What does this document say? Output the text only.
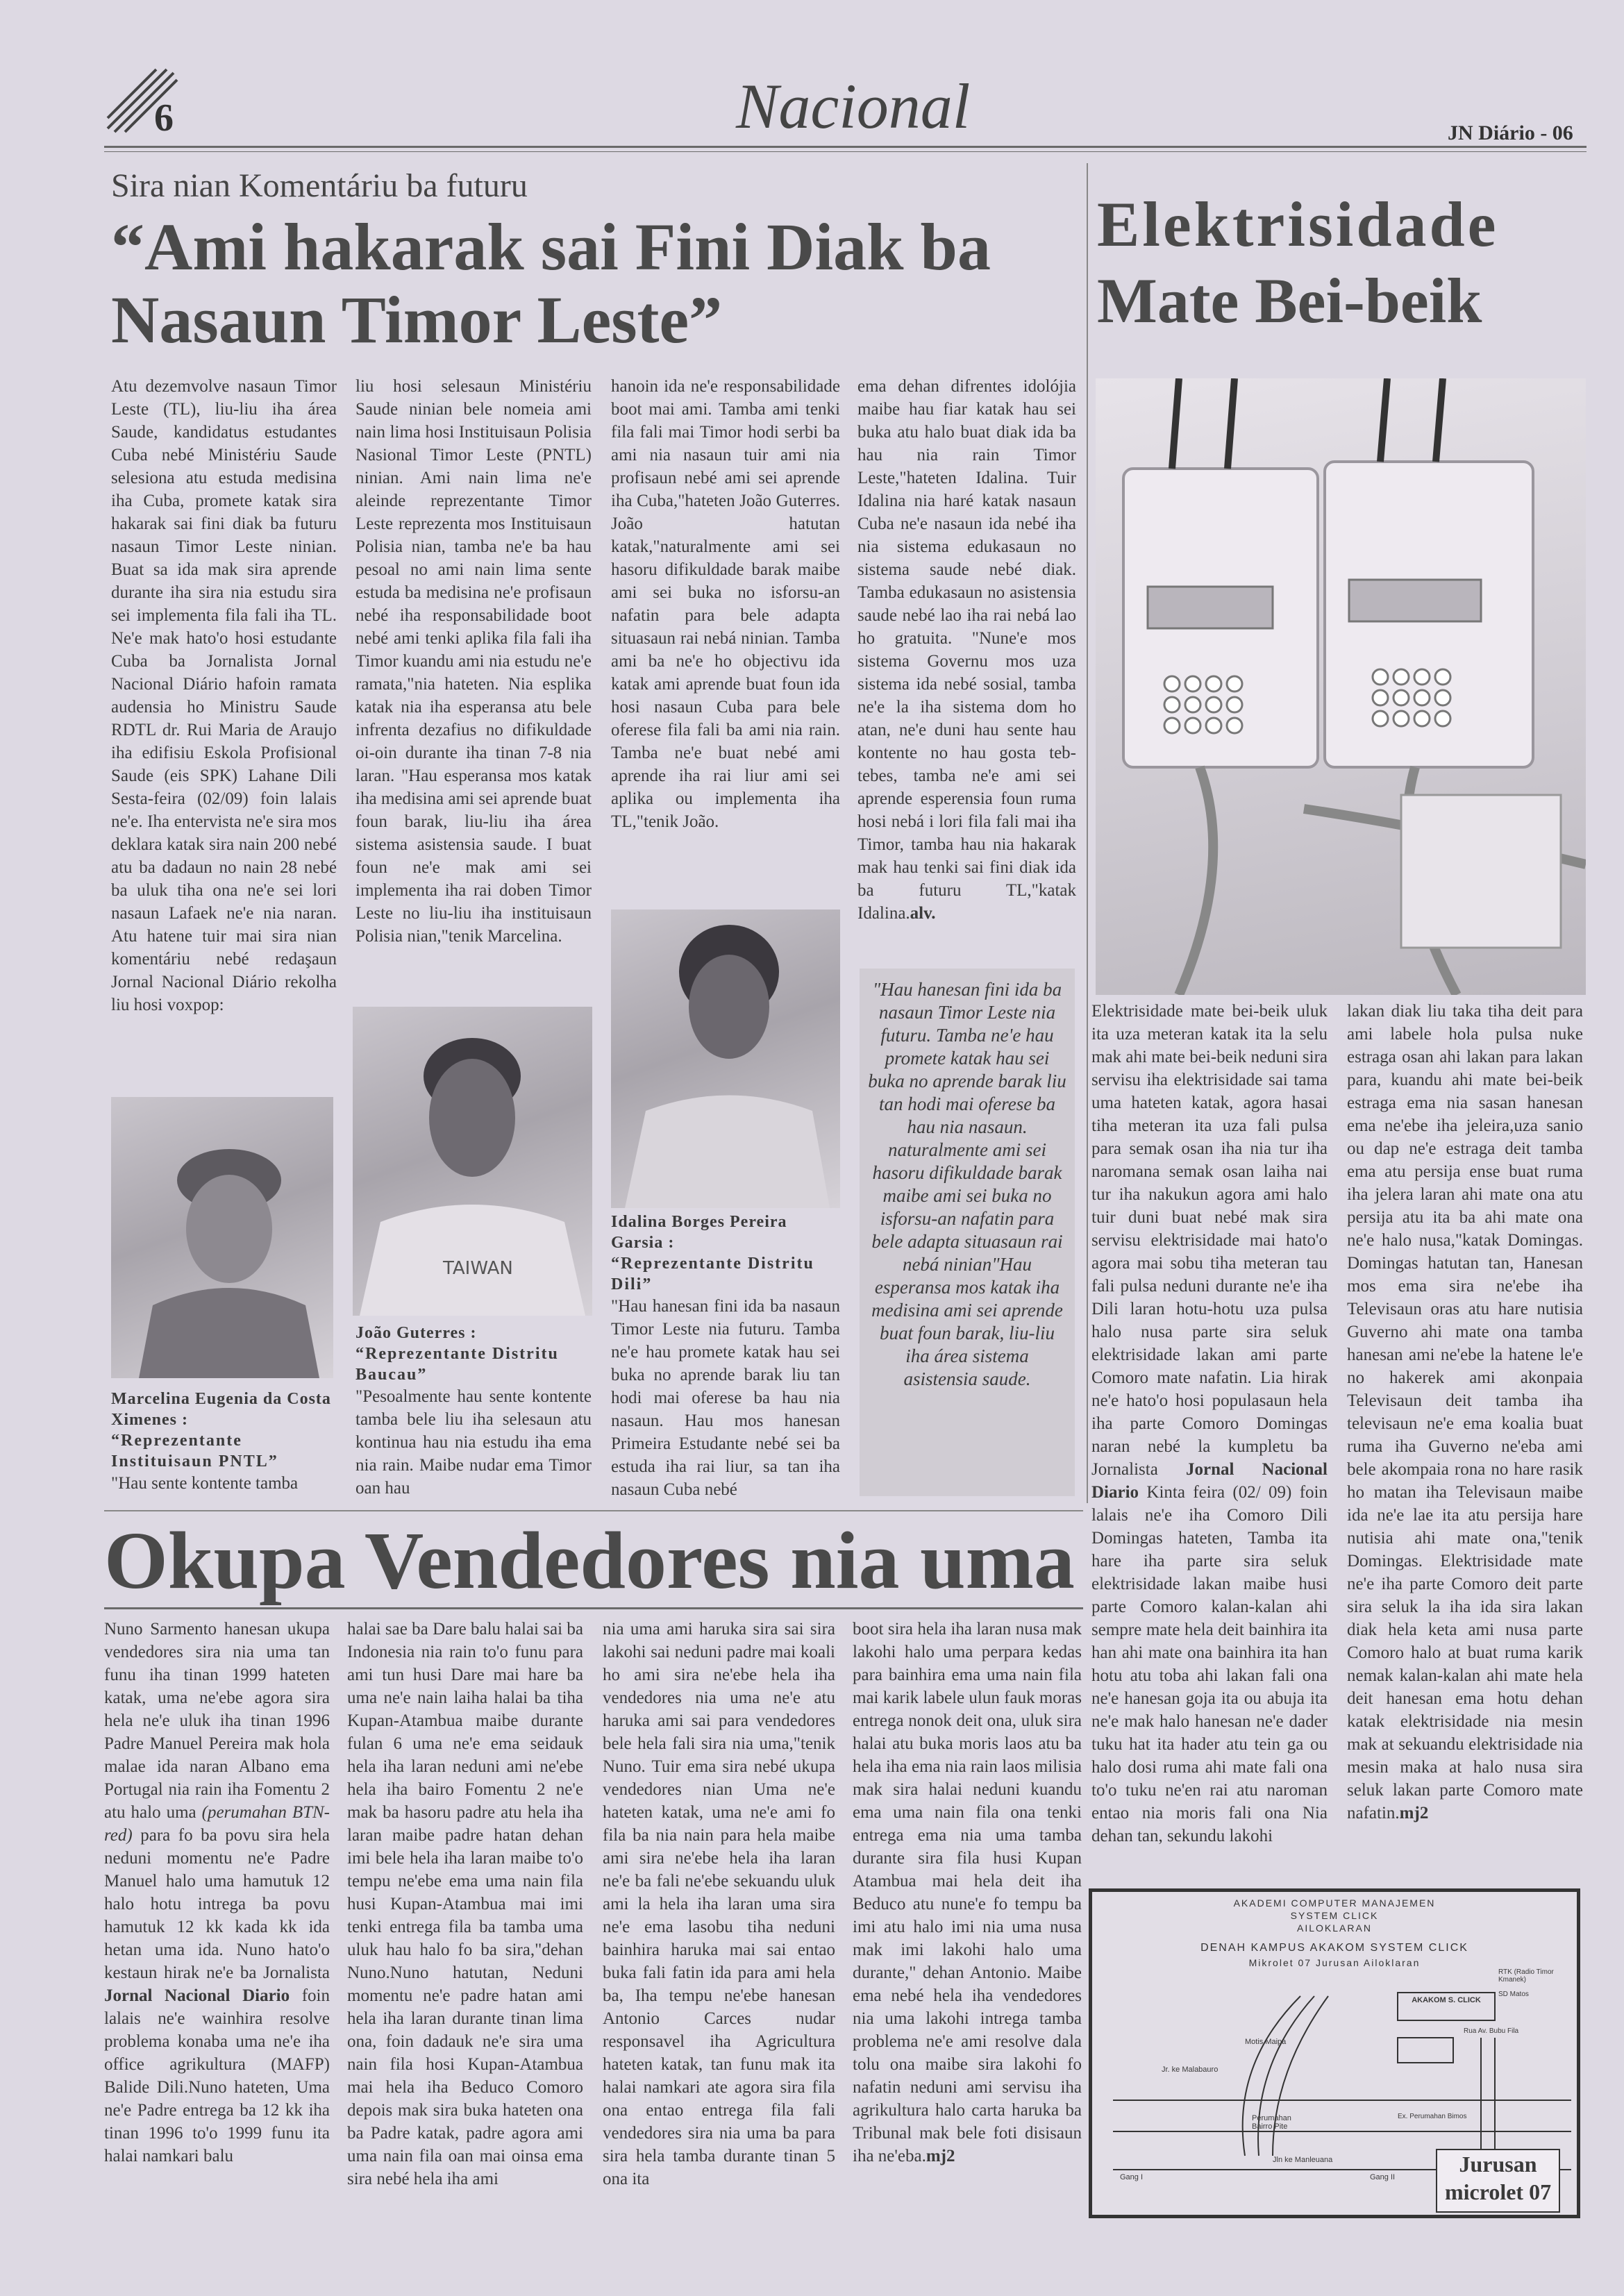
6	Nacional	JN Diário - 06
Sira nian Komentáriu ba futuru
“Ami hakarak sai Fini Diak ba
Nasaun Timor Leste”
Atu dezemvolve nasaun Timor Leste (TL), liu-liu iha área Saude, kandidatus estudantes Cuba nebé Ministériu Saude selesiona atu estuda medisina iha Cuba, promete katak sira hakarak sai fini diak ba futuru nasaun Timor Leste ninian. Buat sa ida mak sira aprende durante iha sira nia estudu sira sei implementa fila fali iha TL. Ne'e mak hato'o hosi estudante Cuba ba Jornalista Jornal Nacional Diário hafoin ramata audensia ho Ministru Saude RDTL dr. Rui Maria de Araujo iha edifisiu Eskola Profisional Saude (eis SPK) Lahane Dili Sesta-feira (02/09) foin lalais ne'e. Iha entervista ne'e sira mos deklara katak sira nain 200 nebé atu ba dadaun no nain 28 nebé ba uluk tiha ona ne'e sei lori nasaun Lafaek ne'e nia naran. Atu hatene tuir mai sira nian komentáriu nebé redaşaun Jornal Nacional Diário rekolha liu hosi voxpop:
liu hosi selesaun Ministériu Saude ninian bele nomeia ami nain lima hosi Instituisaun Polisia Nasional Timor Leste (PNTL) ninian. Ami nain lima ne'e aleinde reprezentante Timor Leste reprezenta mos Instituisaun Polisia nian, tamba ne'e ba hau pesoal no ami nain lima sente estuda ba medisina ne'e profisaun nebé iha responsabilidade boot nebé ami tenki aplika fila fali iha Timor kuandu ami nia estudu ne'e ramata,"nia hateten. Nia esplika katak nia iha esperansa atu bele infrenta dezafius no difikuldade oi-oin durante iha tinan 7-8 nia laran. "Hau esperansa mos katak iha medisina ami sei aprende buat foun barak, liu-liu iha área sistema asistensia saude. I buat foun ne'e mak ami sei implementa iha rai doben Timor Leste no liu-liu iha instituisaun Polisia nian,"tenik Marcelina.
hanoin ida ne'e responsabilidade boot mai ami. Tamba ami tenki fila fali mai Timor hodi serbi ba ami nia nasaun tuir ami nia profisaun nebé ami sei aprende iha Cuba,"hateten João Guterres. João hatutan katak,"naturalmente ami sei hasoru difikuldade barak maibe ami sei buka no isforsu-an nafatin para bele adapta situasaun rai nebá ninian. Tamba ami ba ne'e ho objectivu ida katak ami aprende buat foun ida hosi nasaun Cuba para bele oferese fila fali ba ami nia rain. Tamba ne'e buat nebé ami aprende iha rai liur ami sei aplika ou implementa iha TL,"tenik João.
ema dehan difrentes idolójia maibe hau fiar katak hau sei buka atu halo buat diak ida ba hau nia rain Timor Leste,"hateten Idalina. Tuir Idalina nia haré katak nasaun Cuba ne'e nasaun ida nebé iha nia sistema edukasaun no sistema saude nebé diak. Tamba edukasaun no asistensia saude nebé lao iha rai nebá lao ho gratuita. "Nune'e mos sistema Governu mos uza sistema ida nebé sosial, tamba ne'e la iha sistema dom ho atan, ne'e duni hau sente hau kontente no hau gosta teb-tebes, tamba ne'e ami sei aprende esperensia foun ruma hosi nebá i lori fila fali mai iha Timor, tamba hau nia hakarak mak hau tenki sai fini diak ida ba futuru TL,"katak Idalina.alv.
Marcelina Eugenia da Costa Ximenes :
“Reprezentante Instituisaun PNTL”
"Hau sente kontente tamba
TAIWAN
João Guterres :
“Reprezentante Distritu Baucau”
"Pesoalmente hau sente kontente tamba bele liu iha selesaun atu kontinua hau nia estudu iha ema nia rain. Maibe nudar ema Timor oan hau
Idalina Borges Pereira Garsia :
“Reprezentante Distritu Dili”
"Hau hanesan fini ida ba nasaun Timor Leste nia futuru. Tamba ne'e hau promete katak hau sei buka no aprende barak liu tan hodi mai oferese ba hau nia nasaun. Hau mos hanesan Primeira Estudante nebé sei ba estuda iha rai liur, sa tan iha nasaun Cuba nebé
"Hau hanesan fini ida ba nasaun Timor Leste nia futuru. Tamba ne'e hau promete katak hau sei buka no aprende barak liu tan hodi mai oferese ba hau nia nasaun. naturalmente ami sei hasoru difikuldade barak maibe ami sei buka no isforsu-an nafatin para bele adapta situasaun rai nebá ninian"Hau esperansa mos katak iha medisina ami sei aprende buat foun barak, liu-liu iha área sistema asistensia saude.
Elektrisidade
Mate Bei-beik
Elektrisidade mate bei-beik uluk ita uza meteran katak ita la selu mak ahi mate bei-beik neduni sira servisu iha elektrisidade sai tama uma hateten katak, agora hasai tiha meteran ita uza fali pulsa para semak osan iha nia tur iha naromana semak osan laiha nai tur iha nakukun agora ami halo tuir duni buat nebé mak sira servisu elektrisidade mai hato'o agora mai sobu tiha meteran tau fali pulsa neduni durante ne'e iha Dili laran hotu-hotu uza pulsa halo nusa parte sira seluk elektrisidade lakan ami parte Comoro mate nafatin. Lia hirak ne'e hato'o hosi populasaun hela iha parte Comoro Domingas naran nebé la kumpletu ba Jornalista Jornal Nacional Diario Kinta feira (02/ 09) foin lalais ne'e iha Comoro Dili Domingas hateten, Tamba ita hare iha parte sira seluk elektrisidade lakan maibe husi parte Comoro kalan-kalan ahi sempre mate hela deit bainhira ita han ahi mate ona bainhira ita han hotu atu toba ahi lakan fali ona ne'e hanesan goja ita ou abuja ita ne'e mak halo hanesan ne'e dader tuku hat ita hader atu tein ga ou halo dosi ruma ahi mate fali ona to'o tuku ne'en rai atu naroman entao nia moris fali ona Nia dehan tan, sekundu lakohi
lakan diak liu taka tiha deit para ami labele hola pulsa nuke estraga osan ahi lakan para lakan para, kuandu ahi mate bei-beik estraga ema nia sasan hanesan ema ne'ebe iha jeleira,uza sanio ou dap ne'e estraga deit tamba ema atu persija ense buat ruma iha jelera laran ahi mate ona atu persija atu ita ba ahi mate ona ne'e halo nusa,"katak Domingas. Domingas hatutan tan, Hanesan mos ema sira ne'ebe iha Televisaun oras atu hare nutisia Guverno ahi mate ona tamba hanesan ami ne'ebe la hatene le'e no hakerek ami akonpaia Televisaun deit tamba iha televisaun ne'e ema koalia buat ruma iha Guverno ne'eba ami bele akompaia rona no hare rasik ho matan iha Televisaun maibe ida ne'e lae ita atu persija hare nutisia ahi mate ona,"tenik Domingas. Elektrisidade mate ne'e iha parte Comoro deit parte sira seluk la iha ida sira lakan diak hela keta ami nusa parte Comoro halo at buat ruma karik nemak kalan-kalan ahi mate hela deit hanesan ema hotu dehan katak elektrisidade nia mesin mak at sekuandu elektrisidade nia mesin maka at halo nusa sira seluk lakan parte Comoro mate nafatin.mj2
AKADEMI COMPUTER MANAJEMEN
SYSTEM CLICK
AILOKLARAN
DENAH KAMPUS AKAKOM SYSTEM CLICK
Mikrolet 07 Jurusan Ailoklaran
Jr. ke Malabauro
Motis Maipa
Perumahan Bairro Pite
Jln ke Manleuana
Gang I	Gang II
RTK (Radio Timor Kmanek)
SD Matos
AKAKOM S. CLICK
Rua Av. Bubu Fila
Ex. Perumahan Bimos
Jurusan
microlet 07
Okupa Vendedores nia uma
Nuno Sarmento hanesan ukupa vendedores sira nia uma tan funu iha tinan 1999 hateten katak, uma ne'ebe agora sira hela ne'e uluk iha tinan 1996 Padre Manuel Pereira mak hola malae ida naran Albano ema Portugal nia rain iha Fomentu 2 atu halo uma (perumahan BTN-red) para fo ba povu sira hela neduni momentu ne'e Padre Manuel halo uma hamutuk 12 halo hotu intrega ba povu hamutuk 12 kk kada kk ida hetan uma ida. Nuno hato'o kestaun hirak ne'e ba Jornalista Jornal Nacional Diario foin lalais ne'e wainhira resolve problema konaba uma ne'e iha office agrikultura (MAFP) Balide Dili.Nuno hateten, Uma ne'e Padre entrega ba 12 kk iha tinan 1996 to'o 1999 funu ita halai namkari balu
halai sae ba Dare balu halai sai ba Indonesia nia rain to'o funu para ami tun husi Dare mai hare ba uma ne'e nain laiha halai ba tiha Kupan-Atambua maibe durante fulan 6 uma ne'e ema seidauk hela iha laran neduni ami ne'ebe hela iha bairo Fomentu 2 ne'e mak ba hasoru padre atu hela iha laran maibe padre hatan dehan imi bele hela iha laran maibe to'o tempu ne'ebe ema uma nain fila husi Kupan-Atambua mai imi tenki entrega fila ba tamba uma uluk hau halo fo ba sira,"dehan Nuno.Nuno hatutan, Neduni momentu ne'e padre hatan ami hela iha laran durante tinan lima ona, foin dadauk ne'e sira uma nain fila hosi Kupan-Atambua mai hela iha Beduco Comoro depois mak sira buka hateten ona ba Padre katak, padre agora ami uma nain fila oan mai oinsa ema sira nebé hela iha ami
nia uma ami haruka sira sai sira lakohi sai neduni padre mai koali ho ami sira ne'ebe hela iha vendedores nia uma ne'e atu haruka ami sai para vendedores bele hela fali sira nia uma,"tenik Nuno. Tuir ema sira nebé ukupa vendedores nian Uma ne'e hateten katak, uma ne'e ami fo fila ba nia nain para hela maibe ami sira ne'ebe hela iha laran ne'e ba fali ne'ebe sekuandu uluk ami la hela iha laran uma sira ne'e ema lasobu tiha neduni bainhira haruka mai sai entao buka fali fatin ida para ami hela ba, Iha tempu ne'ebe hanesan Antonio Carces nudar responsavel iha Agricultura hateten katak, tan funu mak ita halai namkari ate agora sira fila ona entao entrega fila fali vendedores sira nia uma ba para sira hela tamba durante tinan 5 ona ita
boot sira hela iha laran nusa mak lakohi halo uma perpara kedas para bainhira ema uma nain fila mai karik labele ulun fauk moras entrega nonok deit ona, uluk sira halai atu buka moris laos atu ba hela iha ema nia rain laos milisia mak sira halai neduni kuandu ema uma nain fila ona tenki entrega ema nia uma tamba durante sira fila husi Kupan Atambua mai hela deit iha Beduco atu nune'e fo tempu ba imi atu halo imi nia uma nusa mak imi lakohi halo uma durante," dehan Antonio. Maibe ema nebé hela iha vendedores nia uma lakohi intrega tamba problema ne'e ami resolve dala tolu ona maibe sira lakohi fo nafatin neduni ami servisu iha agrikultura halo carta haruka ba Tribunal mak bele foti disisaun iha ne'eba.mj2
